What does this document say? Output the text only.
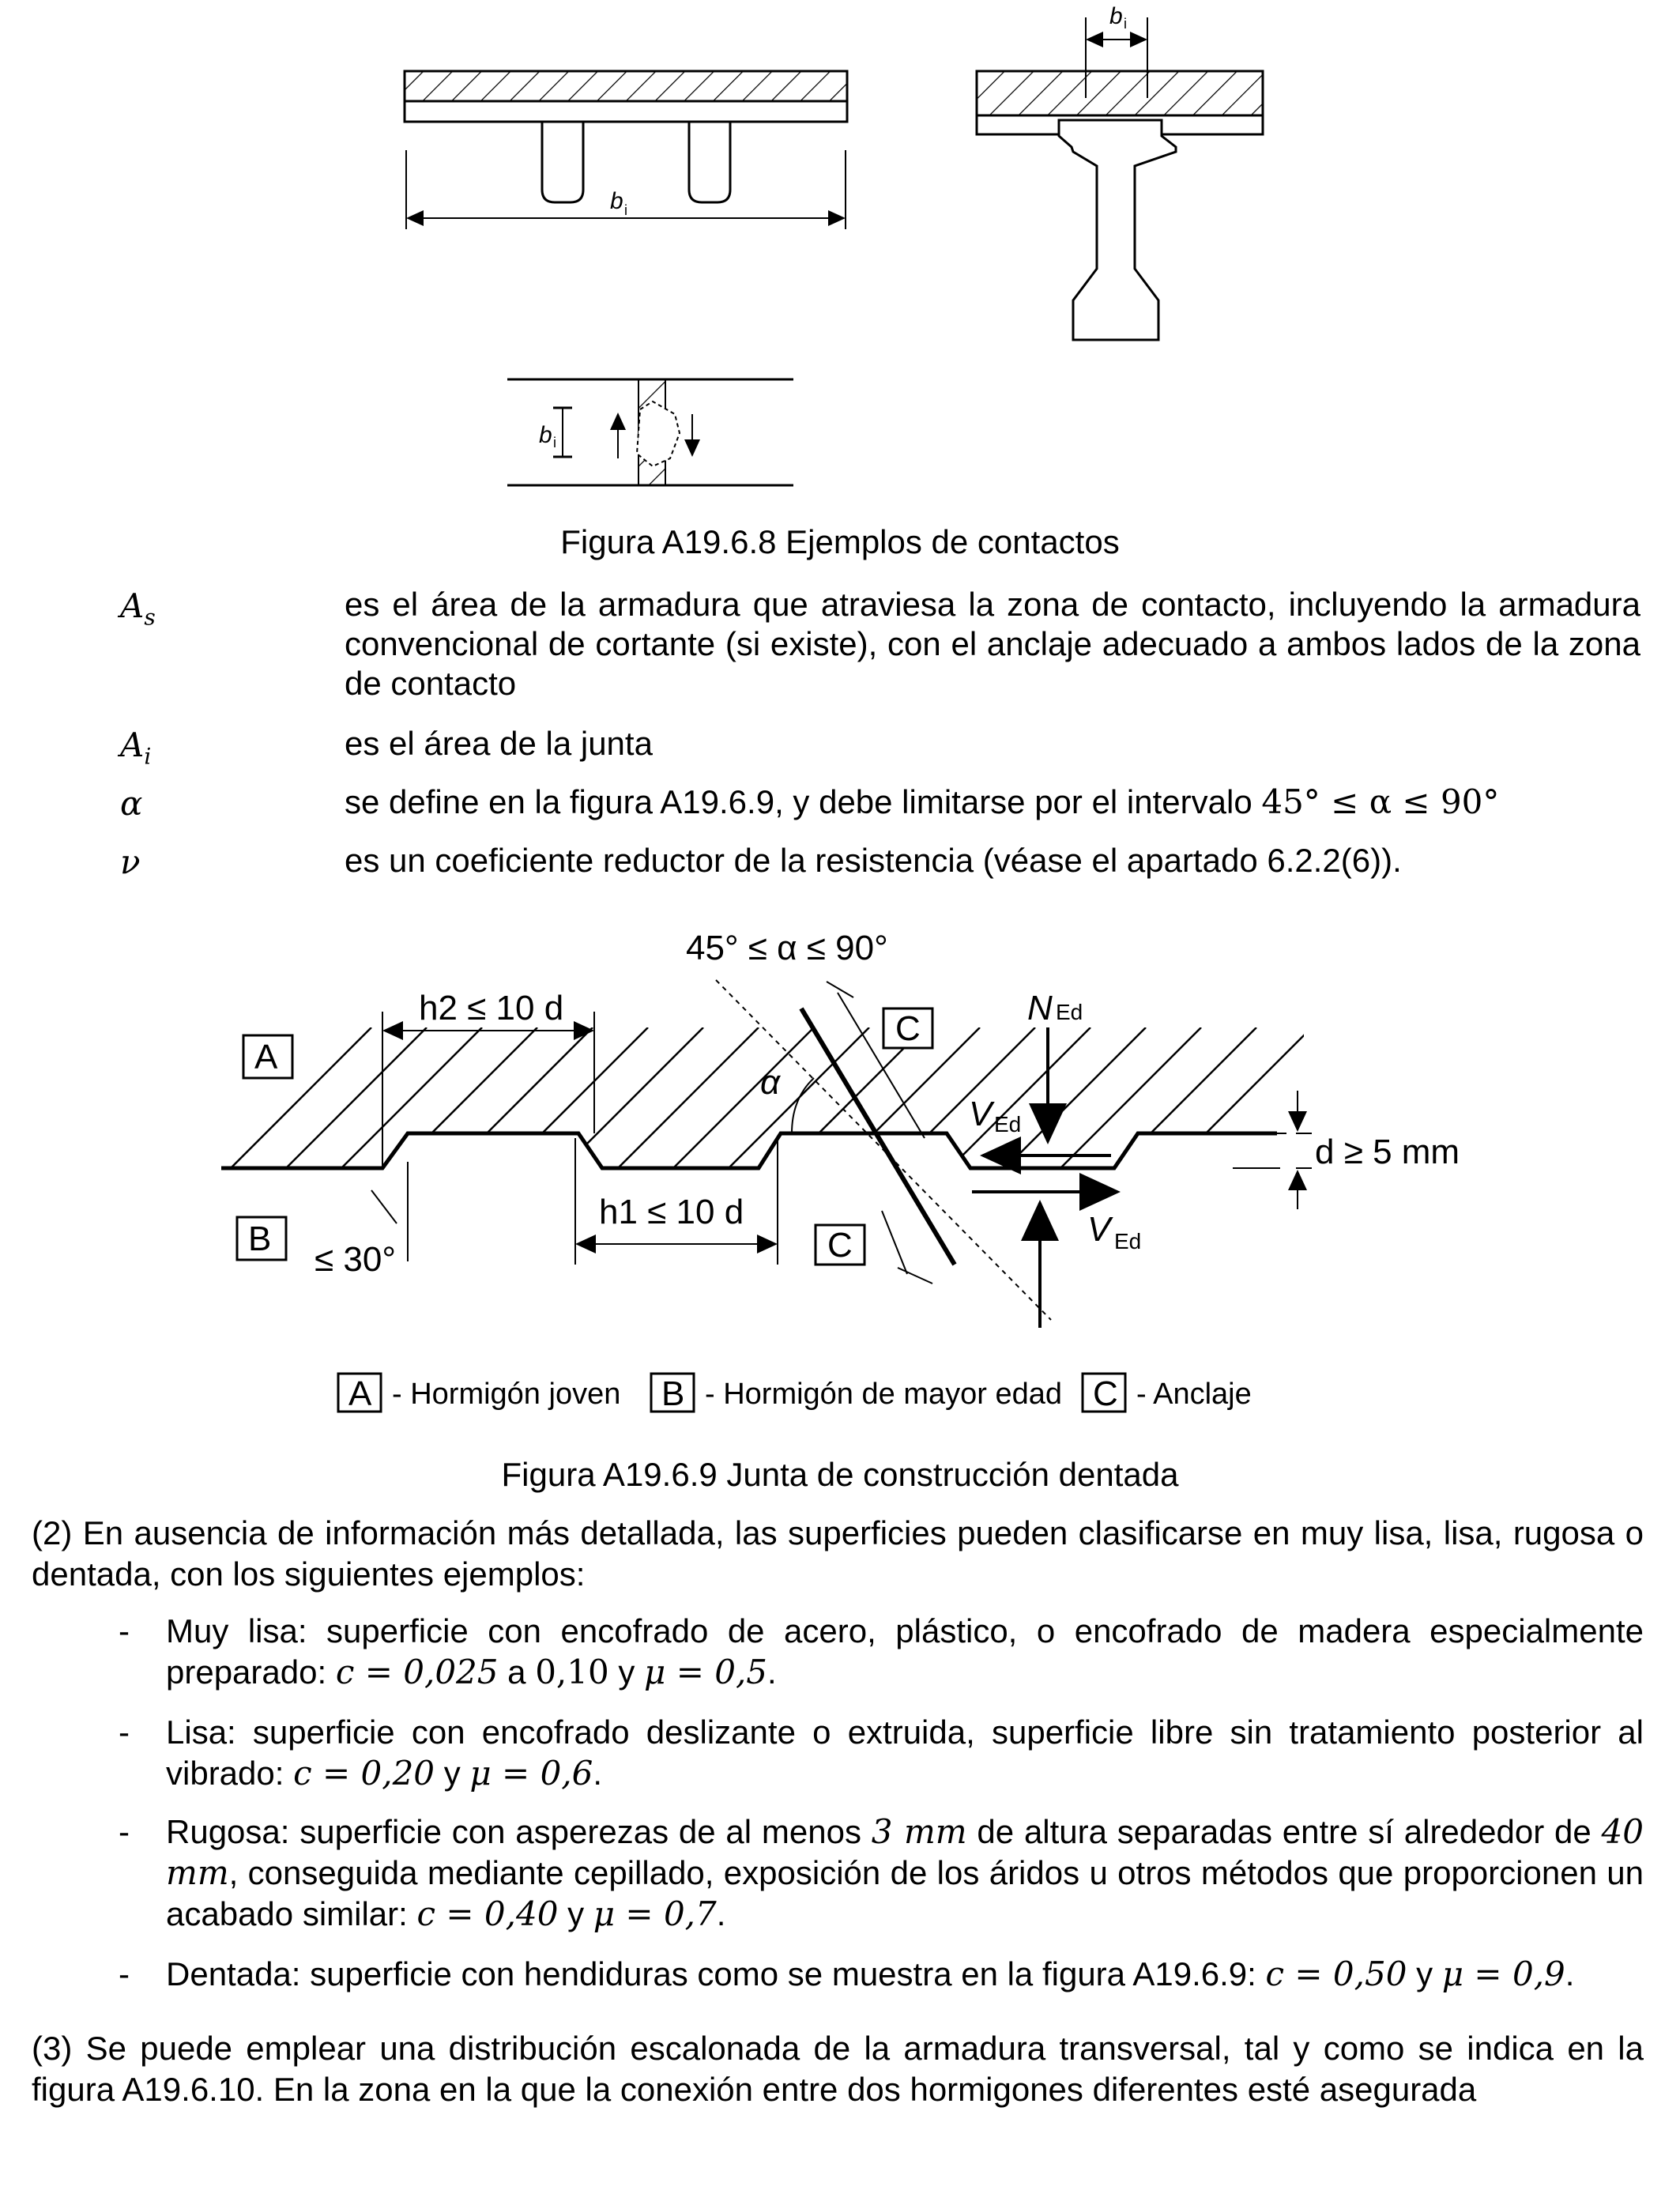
b i
b i
b i
Figura A19.6.8 Ejemplos de contactos
$A_s$	es el área de la armadura que atraviesa la zona de contacto, incluyendo la armadura convencional de cortante (si existe), con el anclaje adecuado a ambos lados de la zona de contacto
$A_i$	es el área de la junta
α	se define en la figura A19.6.9, y debe limitarse por el intervalo 45° ≤ α ≤ 90°
ν	es un coeficiente reductor de la resistencia (véase el apartado 6.2.2(6)).
h2 ≤ 10 d
h1 ≤ 10 d
≤ 30°
α
45° ≤ α ≤ 90°
C
C
A
B
N Ed
V Ed
V Ed
d ≥ 5 mm
A - Hormigón joven B - Hormigón de mayor edad C - Anclaje
Figura A19.6.9 Junta de construcción dentada
(2) En ausencia de información más detallada, las superficies pueden clasificarse en muy lisa, lisa, rugosa o dentada, con los siguientes ejemplos:
- Muy lisa: superficie con encofrado de acero, plástico, o encofrado de madera especialmente preparado: c = 0,025 a 0,10 y μ = 0,5.
- Lisa: superficie con encofrado deslizante o extruida, superficie libre sin tratamiento posterior al vibrado: c = 0,20 y μ = 0,6.
- Rugosa: superficie con asperezas de al menos 3 mm de altura separadas entre sí alrededor de 40 mm, conseguida mediante cepillado, exposición de los áridos u otros métodos que proporcionen un acabado similar: c = 0,40 y μ = 0,7.
- Dentada: superficie con hendiduras como se muestra en la figura A19.6.9: c = 0,50 y μ = 0,9.
(3) Se puede emplear una distribución escalonada de la armadura transversal, tal y como se indica en la figura A19.6.10. En la zona en la que la conexión entre dos hormigones diferentes esté asegurada
